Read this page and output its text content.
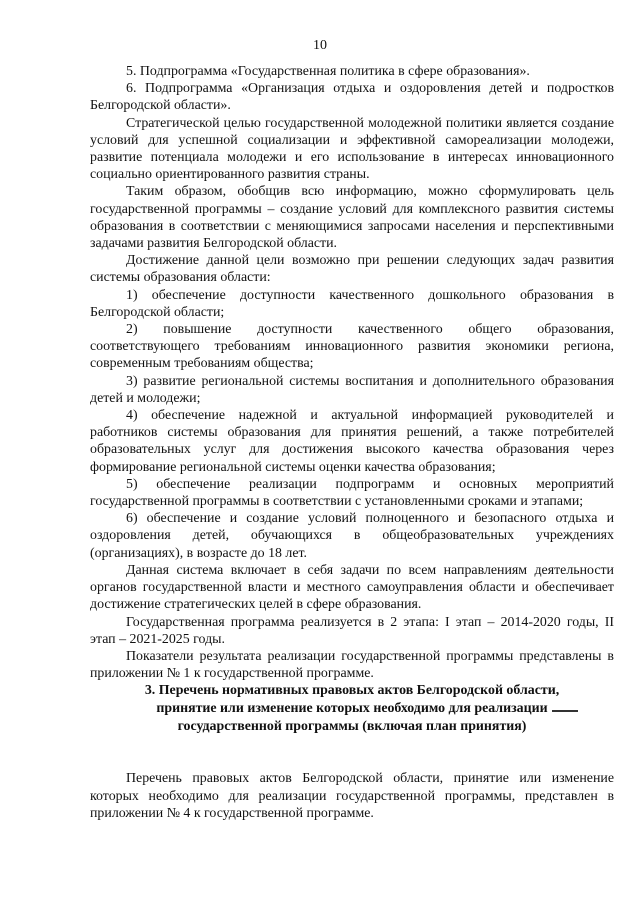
10

5. Подпрограмма «Государственная политика в сфере образования».

6. Подпрограмма «Организация отдыха и оздоровления детей и подростков Белгородской области».

Стратегической целью государственной молодежной политики является создание условий для успешной социализации и эффективной самореализации молодежи, развитие потенциала молодежи и его использование в интересах инновационного социально ориентированного развития страны.

Таким образом, обобщив всю информацию, можно сформулировать цель государственной программы – создание условий для комплексного развития системы образования в соответствии с меняющимися запросами населения и перспективными задачами развития Белгородской области.

Достижение данной цели возможно при решении следующих задач развития системы образования области:

1) обеспечение доступности качественного дошкольного образования в Белгородской области;

2) повышение доступности качественного общего образования, соответствующего требованиям инновационного развития экономики региона, современным требованиям общества;

3) развитие региональной системы воспитания и дополнительного образования детей и молодежи;

4) обеспечение надежной и актуальной информацией руководителей и работников системы образования для принятия решений, а также потребителей образовательных услуг для достижения высокого качества образования через формирование региональной системы оценки качества образования;

5) обеспечение реализации подпрограмм и основных мероприятий государственной программы в соответствии с установленными сроками и этапами;

6) обеспечение и создание условий полноценного и безопасного отдыха и оздоровления детей, обучающихся в общеобразовательных учреждениях (организациях), в возрасте до 18 лет.

Данная система включает в себя задачи по всем направлениям деятельности органов государственной власти и местного самоуправления области и обеспечивает достижение стратегических целей в сфере образования.

Государственная программа реализуется в 2 этапа: I этап – 2014-2020 годы, II этап – 2021-2025 годы.

Показатели результата реализации государственной программы представлены в приложении № 1 к государственной программе.

3. Перечень нормативных правовых актов Белгородской области,
принятие или изменение которых необходимо для реализации
государственной программы (включая план принятия)

Перечень правовых актов Белгородской области, принятие или изменение которых необходимо для реализации государственной программы, представлен в приложении № 4 к государственной программе.
